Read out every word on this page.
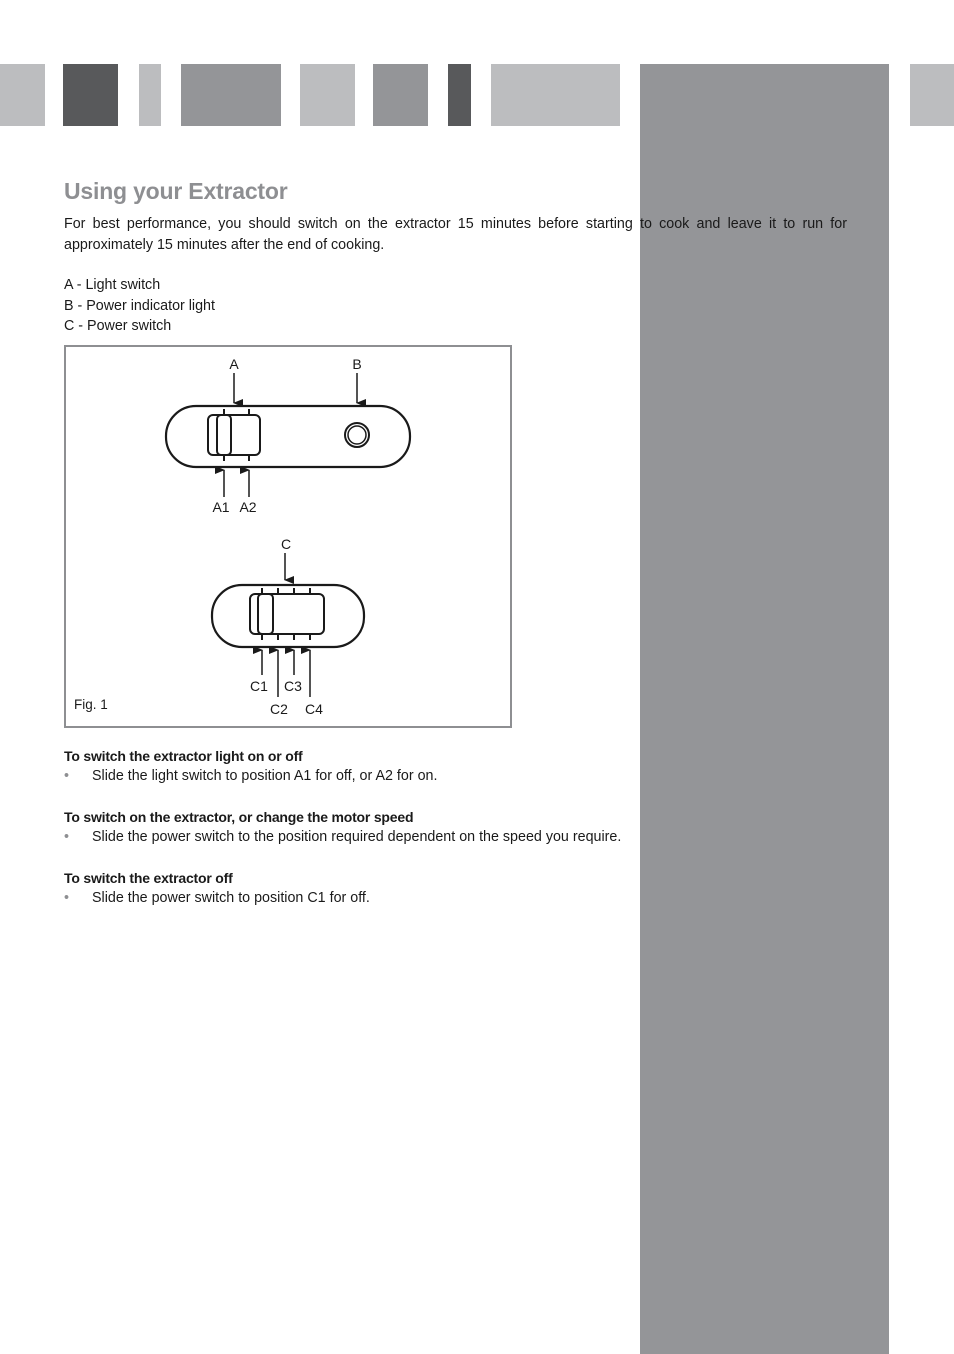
Using your Extractor

For best performance, you should switch on the extractor 15 minutes before starting to cook and leave it to run for approximately 15 minutes after the end of cooking.

A - Light switch
B - Power indicator light
C - Power switch
A	B
A1 A2
C
C1 C3
C2 C4
Fig. 1
To switch the extractor light on or off
• Slide the light switch to position A1 for off, or A2 for on.
To switch on the extractor, or change the motor speed
• Slide the power switch to the position required dependent on the speed you require.
To switch the extractor off
• Slide the power switch to position C1 for off.
